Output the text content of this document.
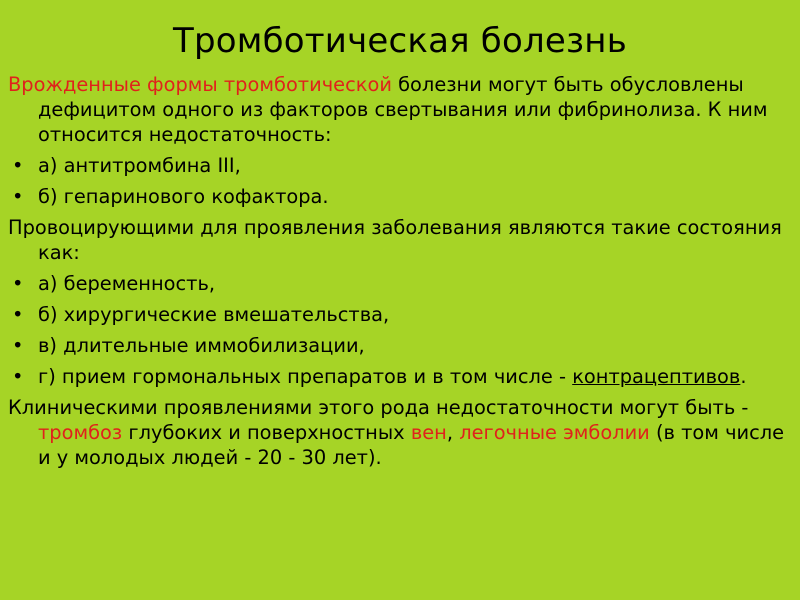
Тромботическая болезнь

Врожденные формы тромботической болезни могут быть обусловлены дефицитом одного из факторов свертывания или фибринолиза. К ним относится недостаточность:

• а) антитромбина III,
• б) гепаринового кофактора.

Провоцирующими для проявления заболевания являются такие состояния как:

• а) беременность,
• б) хирургические вмешательства,
• в) длительные иммобилизации,
• г) прием гормональных препаратов и в том числе - контрацептивов.

Клиническими проявлениями этого рода недостаточности могут быть - тромбоз глубоких и поверхностных вен, легочные эмболии (в том числе и у молодых людей - 20 - 30 лет).
